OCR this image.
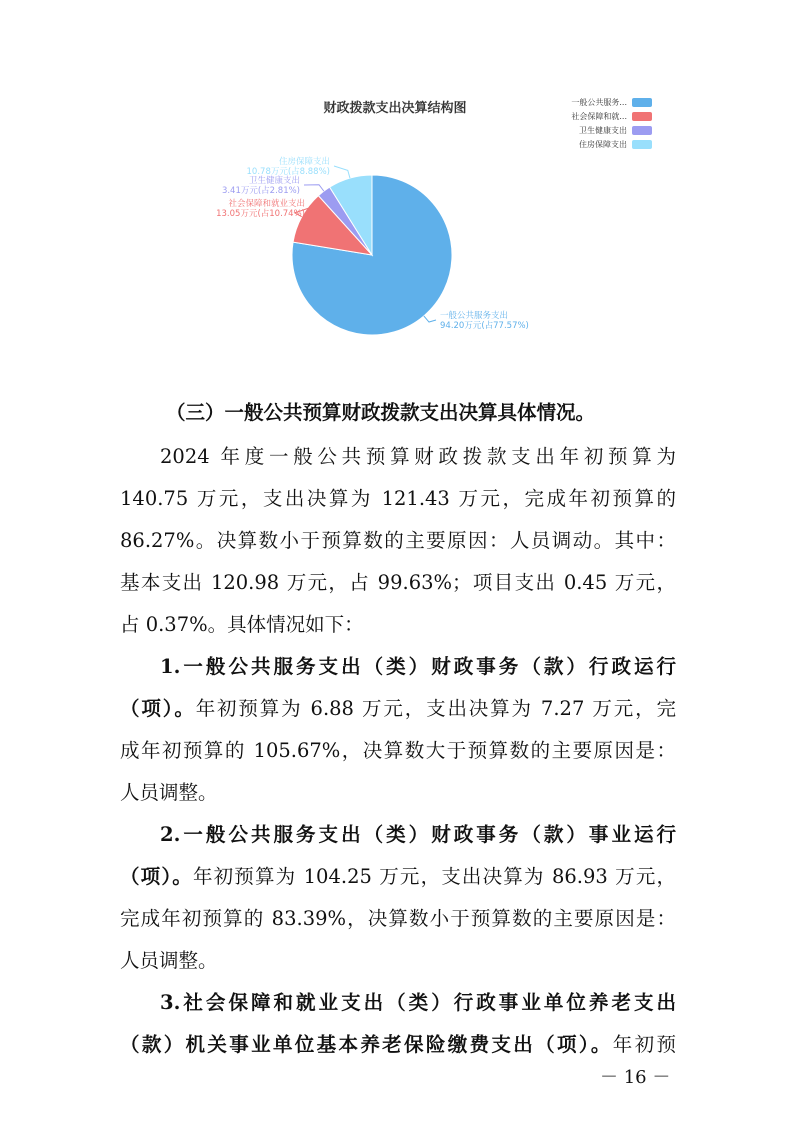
财政拨款支出决算结构图
一般公共服务支出
94.20万元(占77.57%)
社会保障和就业支出
13.05万元(占10.74%)
卫生健康支出
3.41万元(占2.81%)
住房保障支出
10.78万元(占8.88%)
一般公共服务...
社会保障和就...
卫生健康支出
住房保障支出
（三）一般公共预算财政拨款支出决算具体情况。
2024 年度一般公共预算财政拨款支出年初预算为
140.75 万元，支出决算为 121.43 万元，完成年初预算的
86.27%。决算数小于预算数的主要原因：人员调动。其中：
基本支出 120.98 万元，占 99.63%；项目支出 0.45 万元，
占 0.37%。具体情况如下：
1.一般公共服务支出（类）财政事务（款）行政运行
（项）。年初预算为 6.88 万元，支出决算为 7.27 万元，完
成年初预算的 105.67%，决算数大于预算数的主要原因是：
人员调整。
2.一般公共服务支出（类）财政事务（款）事业运行
（项）。年初预算为 104.25 万元，支出决算为 86.93 万元，
完成年初预算的 83.39%，决算数小于预算数的主要原因是：
人员调整。
3.社会保障和就业支出（类）行政事业单位养老支出
（款）机关事业单位基本养老保险缴费支出（项）。年初预
－ 16 －
